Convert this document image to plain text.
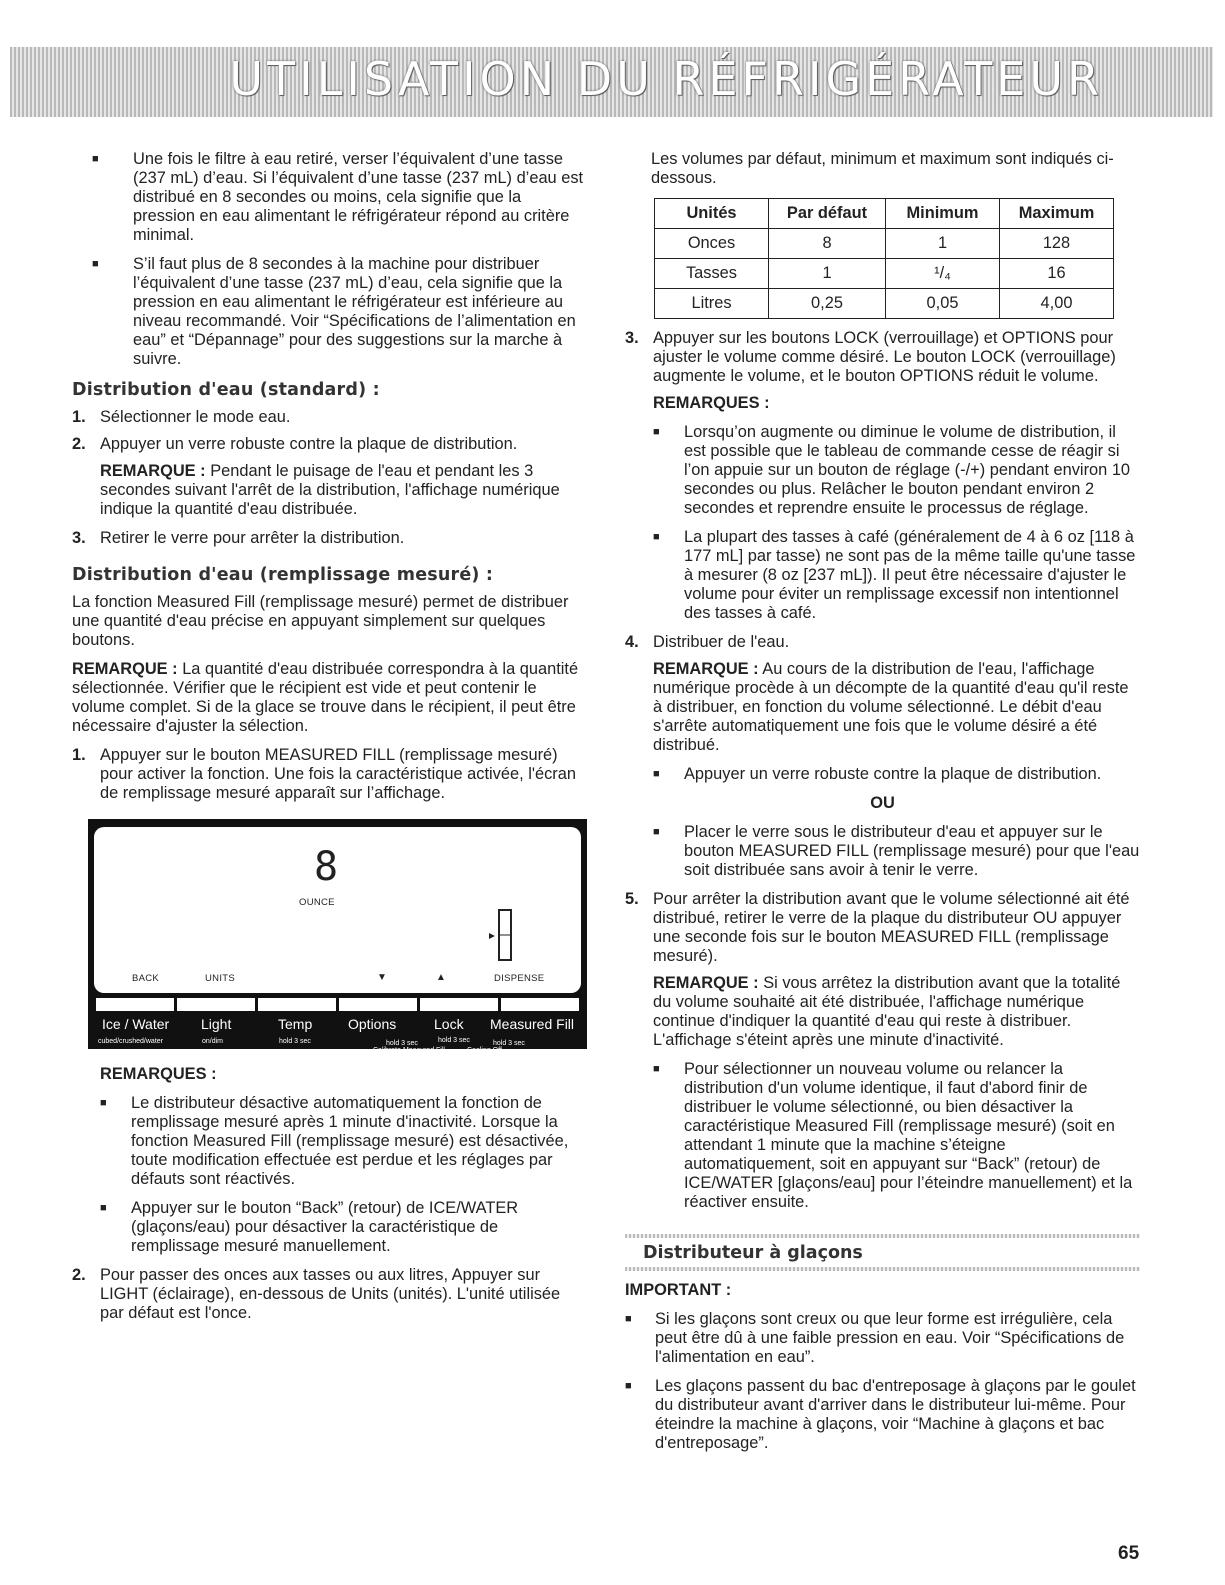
UTILISATION DU RÉFRIGÉRATEUR
■ Une fois le filtre à eau retiré, verser l’équivalent d’une tasse (237 mL) d’eau. Si l’équivalent d’une tasse (237 mL) d’eau est distribué en 8 secondes ou moins, cela signifie que la pression en eau alimentant le réfrigérateur répond au critère minimal.
■ S’il faut plus de 8 secondes à la machine pour distribuer l’équivalent d’une tasse (237 mL) d’eau, cela signifie que la pression en eau alimentant le réfrigérateur est inférieure au niveau recommandé. Voir “Spécifications de l’alimentation en eau” et “Dépannage” pour des suggestions sur la marche à suivre.
Distribution d'eau (standard) :
1. Sélectionner le mode eau.
2. Appuyer un verre robuste contre la plaque de distribution.

REMARQUE : Pendant le puisage de l'eau et pendant les 3 secondes suivant l'arrêt de la distribution, l'affichage numérique indique la quantité d'eau distribuée.

3. Retirer le verre pour arrêter la distribution.
Distribution d'eau (remplissage mesuré) :

La fonction Measured Fill (remplissage mesuré) permet de distribuer une quantité d'eau précise en appuyant simplement sur quelques boutons.

REMARQUE : La quantité d'eau distribuée correspondra à la quantité sélectionnée. Vérifier que le récipient est vide et peut contenir le volume complet. Si de la glace se trouve dans le récipient, il peut être nécessaire d'ajuster la sélection.

1. Appuyer sur le bouton MEASURED FILL (remplissage mesuré) pour activer la fonction. Une fois la caractéristique activée, l'écran de remplissage mesuré apparaît sur l’affichage.
8
OUNCE
BACK	UNITS	▼	▲	DISPENSE
Ice / Water Light	Temp	Options	Lock Measured Fill
cubed/crushed/water	on/dim	hold 3 sec	hold 3 sec	hold 3 sec	hold 3 sec
Calibrate Measured Fill	Cooling Off

REMARQUES :

■ Le distributeur désactive automatiquement la fonction de remplissage mesuré après 1 minute d'inactivité. Lorsque la fonction Measured Fill (remplissage mesuré) est désactivée, toute modification effectuée est perdue et les réglages par défauts sont réactivés.
■ Appuyer sur le bouton “Back” (retour) de ICE/WATER (glaçons/eau) pour désactiver la caractéristique de remplissage mesuré manuellement.
2. Pour passer des onces aux tasses ou aux litres, Appuyer sur LIGHT (éclairage), en-dessous de Units (unités). L'unité utilisée par défaut est l'once.

Les volumes par défaut, minimum et maximum sont indiqués ci-dessous.

Unités	Par défaut	Minimum	Maximum
Onces	8	1	128
Tasses	1	¹/₄	16
Litres	0,25	0,05	4,00
3. Appuyer sur les boutons LOCK (verrouillage) et OPTIONS pour ajuster le volume comme désiré. Le bouton LOCK (verrouillage) augmente le volume, et le bouton OPTIONS réduit le volume.

REMARQUES :

■ Lorsqu’on augmente ou diminue le volume de distribution, il est possible que le tableau de commande cesse de réagir si l’on appuie sur un bouton de réglage (-/+) pendant environ 10 secondes ou plus. Relâcher le bouton pendant environ 2 secondes et reprendre ensuite le processus de réglage.
■ La plupart des tasses à café (généralement de 4 à 6 oz [118 à 177 mL] par tasse) ne sont pas de la même taille qu'une tasse à mesurer (8 oz [237 mL]). Il peut être nécessaire d'ajuster le volume pour éviter un remplissage excessif non intentionnel des tasses à café.
4. Distribuer de l'eau.

REMARQUE : Au cours de la distribution de l'eau, l'affichage numérique procède à un décompte de la quantité d'eau qu'il reste à distribuer, en fonction du volume sélectionné. Le débit d'eau s'arrête automatiquement une fois que le volume désiré a été distribué.

■ Appuyer un verre robuste contre la plaque de distribution.
OU
■ Placer le verre sous le distributeur d'eau et appuyer sur le bouton MEASURED FILL (remplissage mesuré) pour que l'eau soit distribuée sans avoir à tenir le verre.
5. Pour arrêter la distribution avant que le volume sélectionné ait été distribué, retirer le verre de la plaque du distributeur OU appuyer une seconde fois sur le bouton MEASURED FILL (remplissage mesuré).

REMARQUE : Si vous arrêtez la distribution avant que la totalité du volume souhaité ait été distribuée, l'affichage numérique continue d'indiquer la quantité d'eau qui reste à distribuer. L'affichage s'éteint après une minute d'inactivité.

■ Pour sélectionner un nouveau volume ou relancer la distribution d'un volume identique, il faut d'abord finir de distribuer le volume sélectionné, ou bien désactiver la caractéristique Measured Fill (remplissage mesuré) (soit en attendant 1 minute que la machine s’éteigne automatiquement, soit en appuyant sur “Back” (retour) de ICE/WATER [glaçons/eau] pour l’éteindre manuellement) et la réactiver ensuite.
Distributeur à glaçons

IMPORTANT :

■ Si les glaçons sont creux ou que leur forme est irrégulière, cela peut être dû à une faible pression en eau. Voir “Spécifications de l'alimentation en eau”.
■ Les glaçons passent du bac d'entreposage à glaçons par le goulet du distributeur avant d'arriver dans le distributeur lui-même. Pour éteindre la machine à glaçons, voir “Machine à glaçons et bac d'entreposage”.
65
